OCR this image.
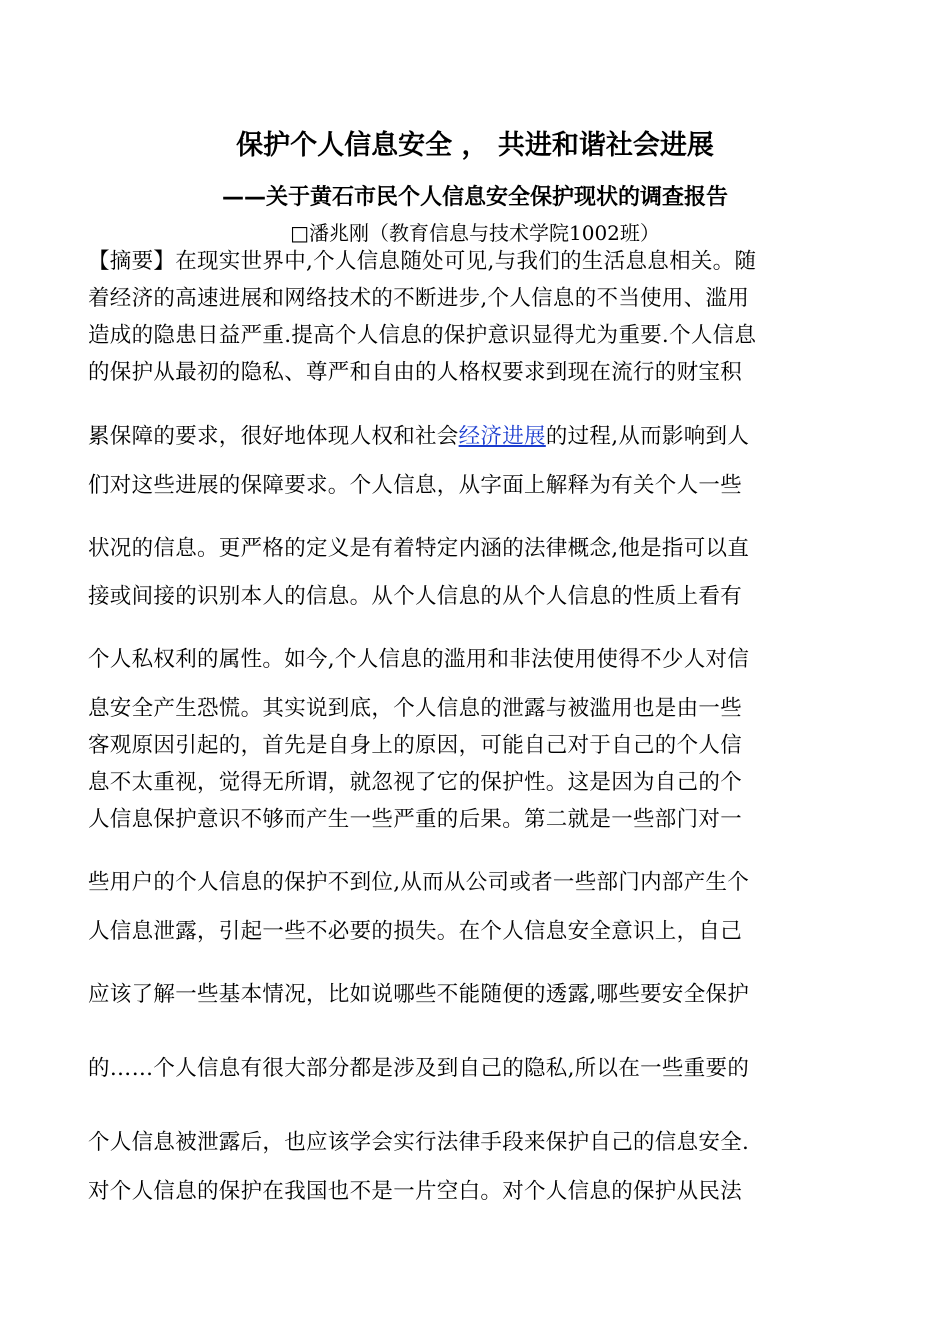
保护个人信息安全 ， 共进和谐社会进展
——关于黄石市民个人信息安全保护现状的调查报告
□潘兆刚（教育信息与技术学院1002班）
【摘要】在现实世界中,个人信息随处可见,与我们的生活息息相关。随
着经济的高速进展和网络技术的不断进步,个人信息的不当使用、滥用
造成的隐患日益严重.提高个人信息的保护意识显得尤为重要.个人信息
的保护从最初的隐私、尊严和自由的人格权要求到现在流行的财宝积
累保障的要求，很好地体现人权和社会经济进展的过程,从而影响到人
们对这些进展的保障要求。个人信息，从字面上解释为有关个人一些
状况的信息。更严格的定义是有着特定内涵的法律概念,他是指可以直
接或间接的识别本人的信息。从个人信息的从个人信息的性质上看有
个人私权利的属性。如今,个人信息的滥用和非法使用使得不少人对信
息安全产生恐慌。其实说到底，个人信息的泄露与被滥用也是由一些
客观原因引起的，首先是自身上的原因，可能自己对于自己的个人信
息不太重视，觉得无所谓，就忽视了它的保护性。这是因为自己的个
人信息保护意识不够而产生一些严重的后果。第二就是一些部门对一
些用户的个人信息的保护不到位,从而从公司或者一些部门内部产生个
人信息泄露，引起一些不必要的损失。在个人信息安全意识上，自己
应该了解一些基本情况，比如说哪些不能随便的透露,哪些要安全保护
的……个人信息有很大部分都是涉及到自己的隐私,所以在一些重要的
个人信息被泄露后，也应该学会实行法律手段来保护自己的信息安全.
对个人信息的保护在我国也不是一片空白。对个人信息的保护从民法
